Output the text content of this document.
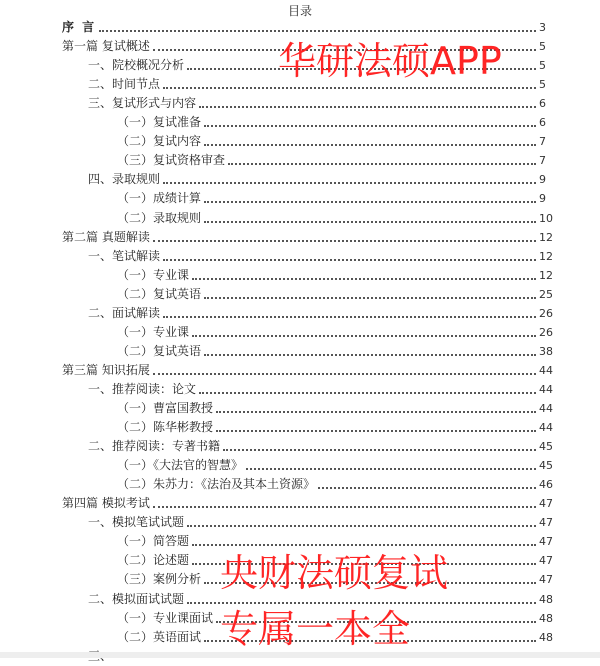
目录
序 言	3
第一篇 复试概述	5
一、院校概况分析	5
二、时间节点	5
三、复试形式与内容	6
（一）复试准备	6
（二）复试内容	7
（三）复试资格审查	7
四、录取规则	9
（一）成绩计算	9
（二）录取规则	10
第二篇 真题解读	12
一、笔试解读	12
（一）专业课	12
（二）复试英语	25
二、面试解读	26
（一）专业课	26
（二）复试英语	38
第三篇 知识拓展	44
一、推荐阅读：论文	44
（一）曹富国教授	44
（二）陈华彬教授	44
二、推荐阅读：专著书籍	45
（一）《大法官的智慧》	45
（二）朱苏力：《法治及其本土资源》	46
第四篇 模拟考试	47
一、模拟笔试试题	47
（一）简答题	47
（二）论述题	47
（三）案例分析	47
二、模拟面试试题	48
（一）专业课面试	48
（二）英语面试	48
华研法硕APP
央财法硕复试
专属一本全
